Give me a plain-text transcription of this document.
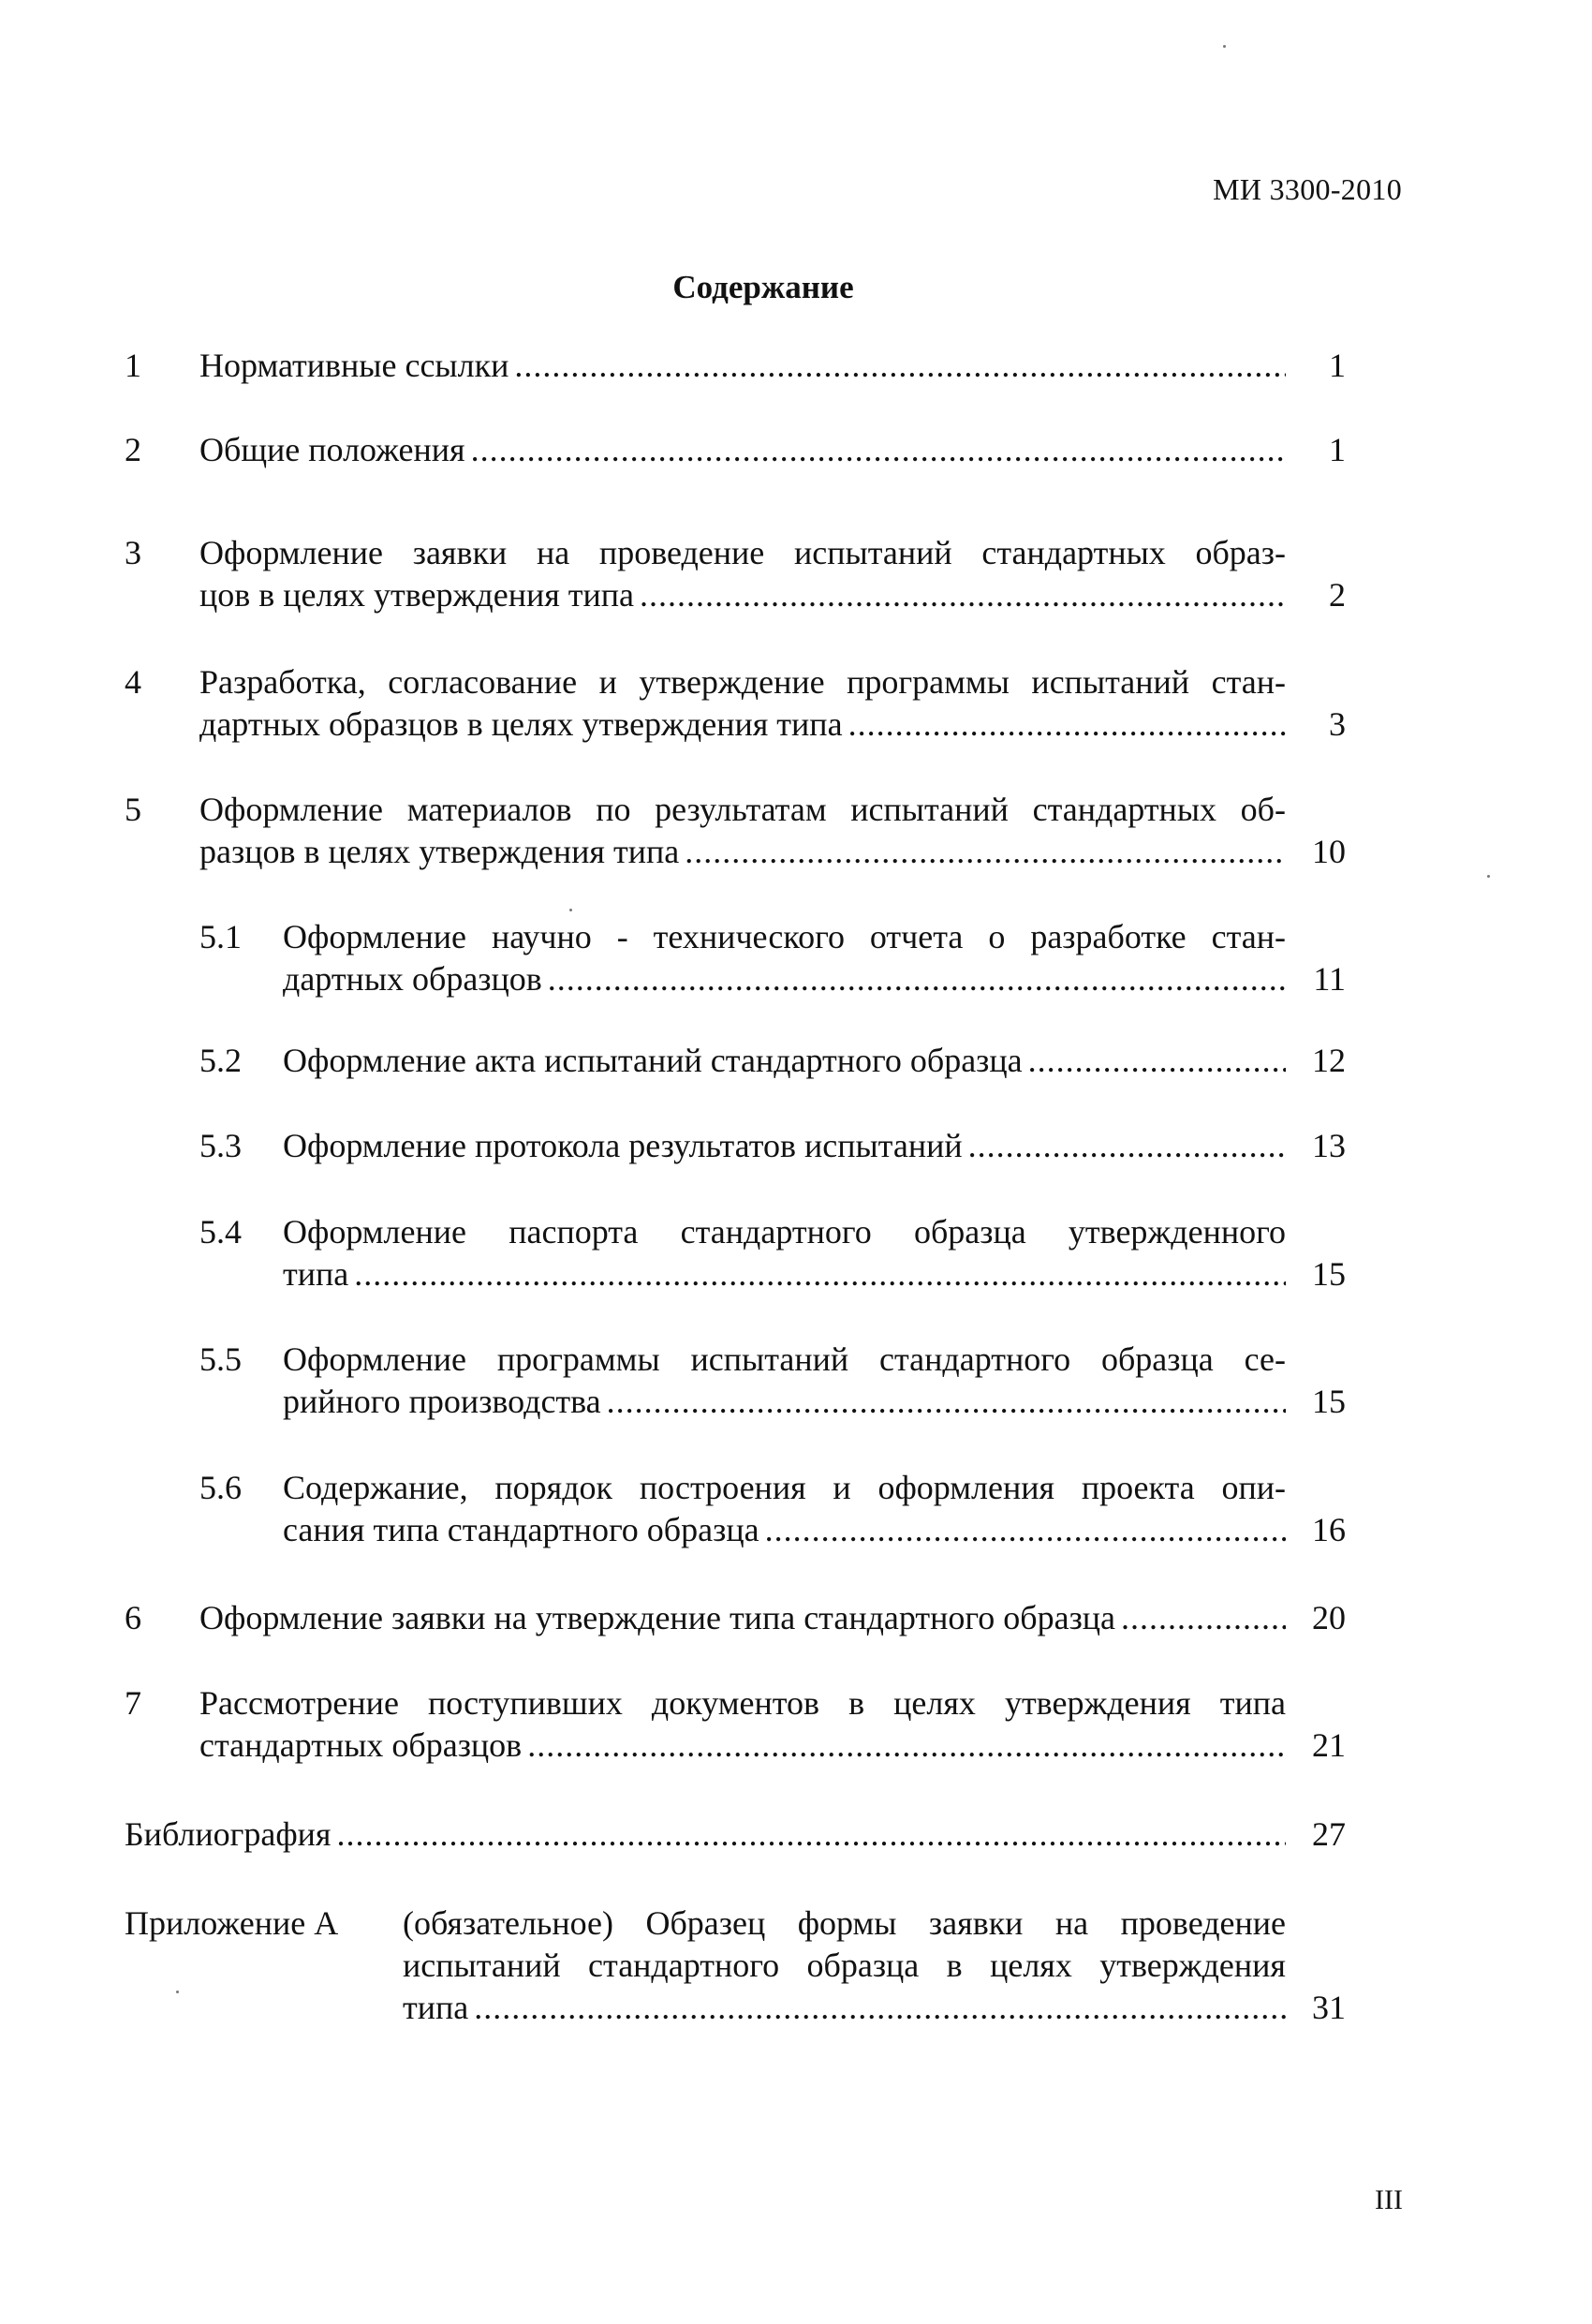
МИ 3300-2010
Содержание
1 Нормативные ссылки .....	1
2 Общие положения .....	1
3 Оформление заявки на проведение испытаний стандартных образ-
цов в целях утверждения типа .....	2
4 Разработка, согласование и утверждение программы испытаний стан-
дартных образцов в целях утверждения типа .....	3
5 Оформление материалов по результатам испытаний стандартных об-
разцов в целях утверждения типа .....	10
5.1 Оформление научно - технического отчета о разработке стан-
дартных образцов .....	11
5.2 Оформление акта испытаний стандартного образца .....	12
5.3 Оформление протокола результатов испытаний .....	13
5.4 Оформление паспорта стандартного образца утвержденного
типа .....	15
5.5 Оформление программы испытаний стандартного образца се-
рийного производства .....	15
5.6 Содержание, порядок построения и оформления проекта опи-
сания типа стандартного образца .....	16
6 Оформление заявки на утверждение типа стандартного образца .....	20
7 Рассмотрение поступивших документов в целях утверждения типа
стандартных образцов .....	21
Библиография .....	27
Приложение А (обязательное) Образец формы заявки на проведение
испытаний стандартного образца в целях утверждения
типа .....	31
III
